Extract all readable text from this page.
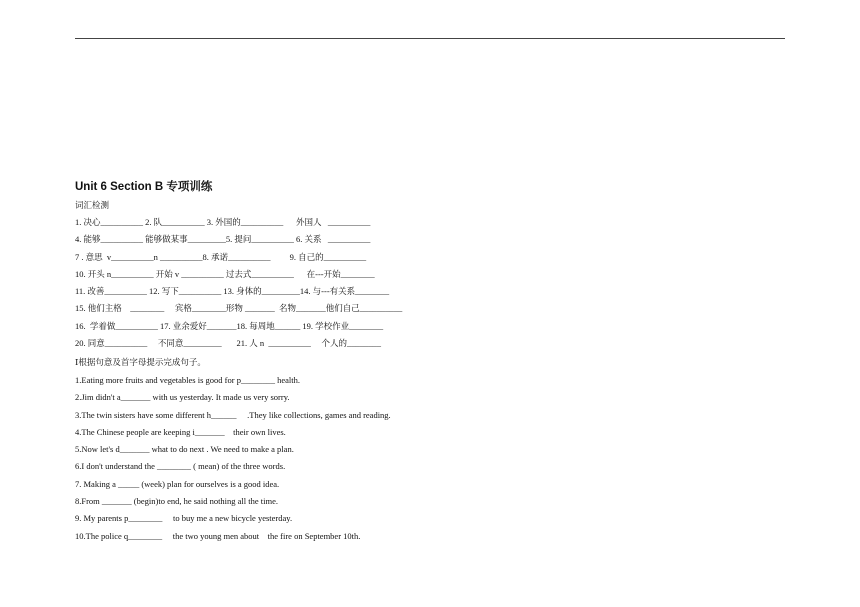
Unit 6 Section B 专项训练
词汇检测
1. 决心__________ 2. 队__________ 3. 外国的__________      外国人   __________
4. 能够__________ 能够做某事_________5. 提问__________ 6. 关系   __________
7 . 意思  v__________n __________8. 承诺__________         9. 自己的__________
10. 开头 n__________ 开始 v __________ 过去式__________      在---开始________
11. 改善__________ 12. 写下__________ 13. 身体的_________14. 与---有关系________
15. 他们主格    ________     宾格________形物 _______  名物_______他们自己__________
16.  学着做__________ 17. 业余爱好_______18. 每周地______ 19. 学校作业________
20. 同意__________     不同意_________       21. 人 n  __________     个人的________
Ⅰ根据句意及首字母提示完成句子。
1.Eating more fruits and vegetables is good for p________ health.
2.Jim didn't a_______ with us yesterday. It made us very sorry.
3.The twin sisters have some different h______     .They like collections, games and reading.
4.The Chinese people are keeping i_______    their own lives.
5.Now let's d_______ what to do next . We need to make a plan.
6.I don't understand the ________ ( mean) of the three words.
7. Making a _____ (week) plan for ourselves is a good idea.
8.From _______ (begin)to end, he said nothing all the time.
9. My parents p________     to buy me a new bicycle yesterday.
10.The police q________     the two young men about    the fire on September 10th.
